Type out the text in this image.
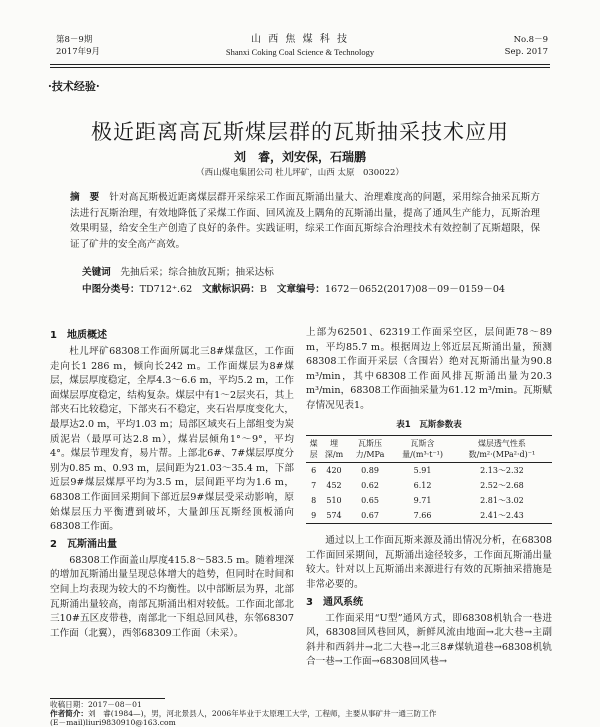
第8－9期
2017年9月
山 西 焦 煤 科 技
Shanxi Coking Coal Science & Technology
No.8－9
Sep. 2017
·技术经验·
极近距离高瓦斯煤层群的瓦斯抽采技术应用
刘　睿，刘安保，石瑞鹏
（西山煤电集团公司 杜儿坪矿，山西 太原　030022）
摘　要　 针对高瓦斯极近距离煤层群开采综采工作面瓦斯涌出量大、治理难度高的问题，采用综合抽采瓦斯方法进行瓦斯治理，有效地降低了采煤工作面、回风流及上隅角的瓦斯涌出量，提高了通风生产能力，瓦斯治理效果明显，给安全生产创造了良好的条件。实践证明，综采工作面瓦斯综合治理技术有效控制了瓦斯超限，保证了矿井的安全高产高效。
关键词　 先抽后采；综合抽放瓦斯；抽采达标
中图分类号：TD712⁺.62 文献标识码：B 文章编号：1672－0652(2017)08－09－0159－04
1　地质概述

杜儿坪矿68308工作面所属北三8#煤盘区，工作面走向长1 286 m，倾向长242 m。工作面煤层为8#煤层，煤层厚度稳定，全厚4.3～6.6 m，平均5.2 m，工作面煤层厚度稳定，结构复杂。煤层中有1～2层夹石，其上部夹石比较稳定，下部夹石不稳定，夹石岩厚度变化大，最厚达2.0 m，平均1.03 m；局部区域夹石上部组变为炭质泥岩（最厚可达2.8 m），煤岩层倾角1°～9°，平均4°。煤层节理发育，易片帮。上部北6#、7#煤层厚度分别为0.85 m、0.93 m，层间距为21.03～35.4 m，下部近层9#煤层煤厚平均为3.5 m，层间距平均为1.6 m，68308工作面回采期间下部近层9#煤层受采动影响，原始煤层压力平衡遭到破坏，大量卸压瓦斯经顶板涌向68308工作面。

2　瓦斯涌出量

68308工作面盖山厚度415.8～583.5 m。随着埋深的增加瓦斯涌出量呈现总体增大的趋势，但同时在时间和空间上均表现为较大的不均衡性。以中部断层为界，北部瓦斯涌出量较高，南部瓦斯涌出相对较低。工作面北部北三10#五区皮带巷，南部北一下组总回风巷，东邻68307工作面（北翼），西邻68309工作面（未采）。

上部为62501、62319工作面采空区，层间距78～89 m，平均85.7 m。根据周边上邻近层瓦斯涌出量，预测68308工作面开采层（含围岩）绝对瓦斯涌出量为90.8 m³/min，其中68308工作面风排瓦斯涌出量为20.3 m³/min，68308工作面抽采量为61.12 m³/min。瓦斯赋存情况见表1。

表1　瓦斯参数表
煤层	埋深/m	瓦斯压力/MPa	瓦斯含量/(m³·t⁻¹)	煤层透气性系数/m²·(MPa²·d)⁻¹
6	420	0.89	5.91	2.13～2.32
7	452	0.62	6.12	2.52～2.68
8	510	0.65	9.71	2.81～3.02
9	574	0.67	7.66	2.41～2.43

通过以上工作面瓦斯来源及涌出情况分析，在68308工作面回采期间，瓦斯涌出途径较多，工作面瓦斯涌出量较大。针对以上瓦斯涌出来源进行有效的瓦斯抽采措施是非常必要的。

3　通风系统

工作面采用“U型”通风方式，即68308机轨合一巷进风，68308回风巷回风，新鲜风流由地面→北大巷→主副斜井和西斜井→北二大巷→北三8#煤轨道巷→68308机轨合一巷→工作面→68308回风巷→

收稿日期：2017－08－01
作者简介：刘　睿(1984—)，男，河北景县人，2006年毕业于太原理工大学，工程师，主要从事矿井一通三防工作
(E－mail)liuri9830910@163.com
